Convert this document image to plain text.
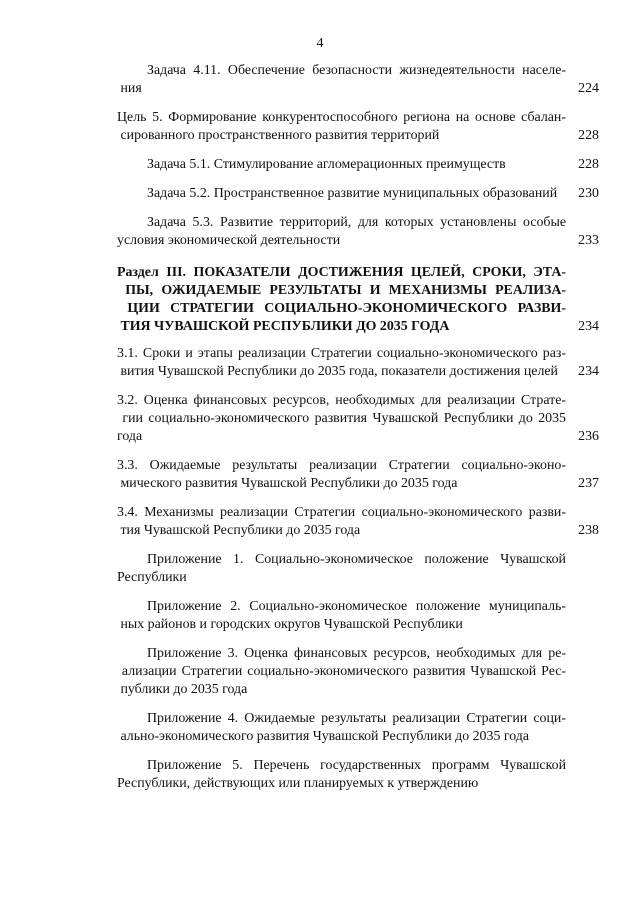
4
Задача 4.11. Обеспечение безопасности жизнедеятельности населе- ния	224
Цель 5. Формирование конкурентоспособного региона на основе сбалан- сированного пространственного развития территорий	228
Задача 5.1. Стимулирование агломерационных преимуществ	228
Задача 5.2. Пространственное развитие муниципальных образований	230
Задача 5.3. Развитие территорий, для которых установлены особые условия экономической деятельности	233
Раздел III. ПОКАЗАТЕЛИ ДОСТИЖЕНИЯ ЦЕЛЕЙ, СРОКИ, ЭТА- ПЫ, ОЖИДАЕМЫЕ РЕЗУЛЬТАТЫ И МЕХАНИЗМЫ РЕАЛИЗА- ЦИИ СТРАТЕГИИ СОЦИАЛЬНО-ЭКОНОМИЧЕСКОГО РАЗВИ- ТИЯ ЧУВАШСКОЙ РЕСПУБЛИКИ ДО 2035 ГОДА	234
3.1. Сроки и этапы реализации Стратегии социально-экономического раз- вития Чувашской Республики до 2035 года, показатели достижения целей	234
3.2. Оценка финансовых ресурсов, необходимых для реализации Страте- гии социально-экономического развития Чувашской Республики до 2035 года	236
3.3. Ожидаемые результаты реализации Стратегии социально-эконо- мического развития Чувашской Республики до 2035 года	237
3.4. Механизмы реализации Стратегии социально-экономического разви- тия Чувашской Республики до 2035 года	238
Приложение 1. Социально-экономическое положение Чувашской Республики
Приложение 2. Социально-экономическое положение муниципаль- ных районов и городских округов Чувашской Республики
Приложение 3. Оценка финансовых ресурсов, необходимых для ре- ализации Стратегии социально-экономического развития Чувашской Рес- публики до 2035 года
Приложение 4. Ожидаемые результаты реализации Стратегии соци- ально-экономического развития Чувашской Республики до 2035 года
Приложение 5. Перечень государственных программ Чувашской Республики, действующих или планируемых к утверждению
